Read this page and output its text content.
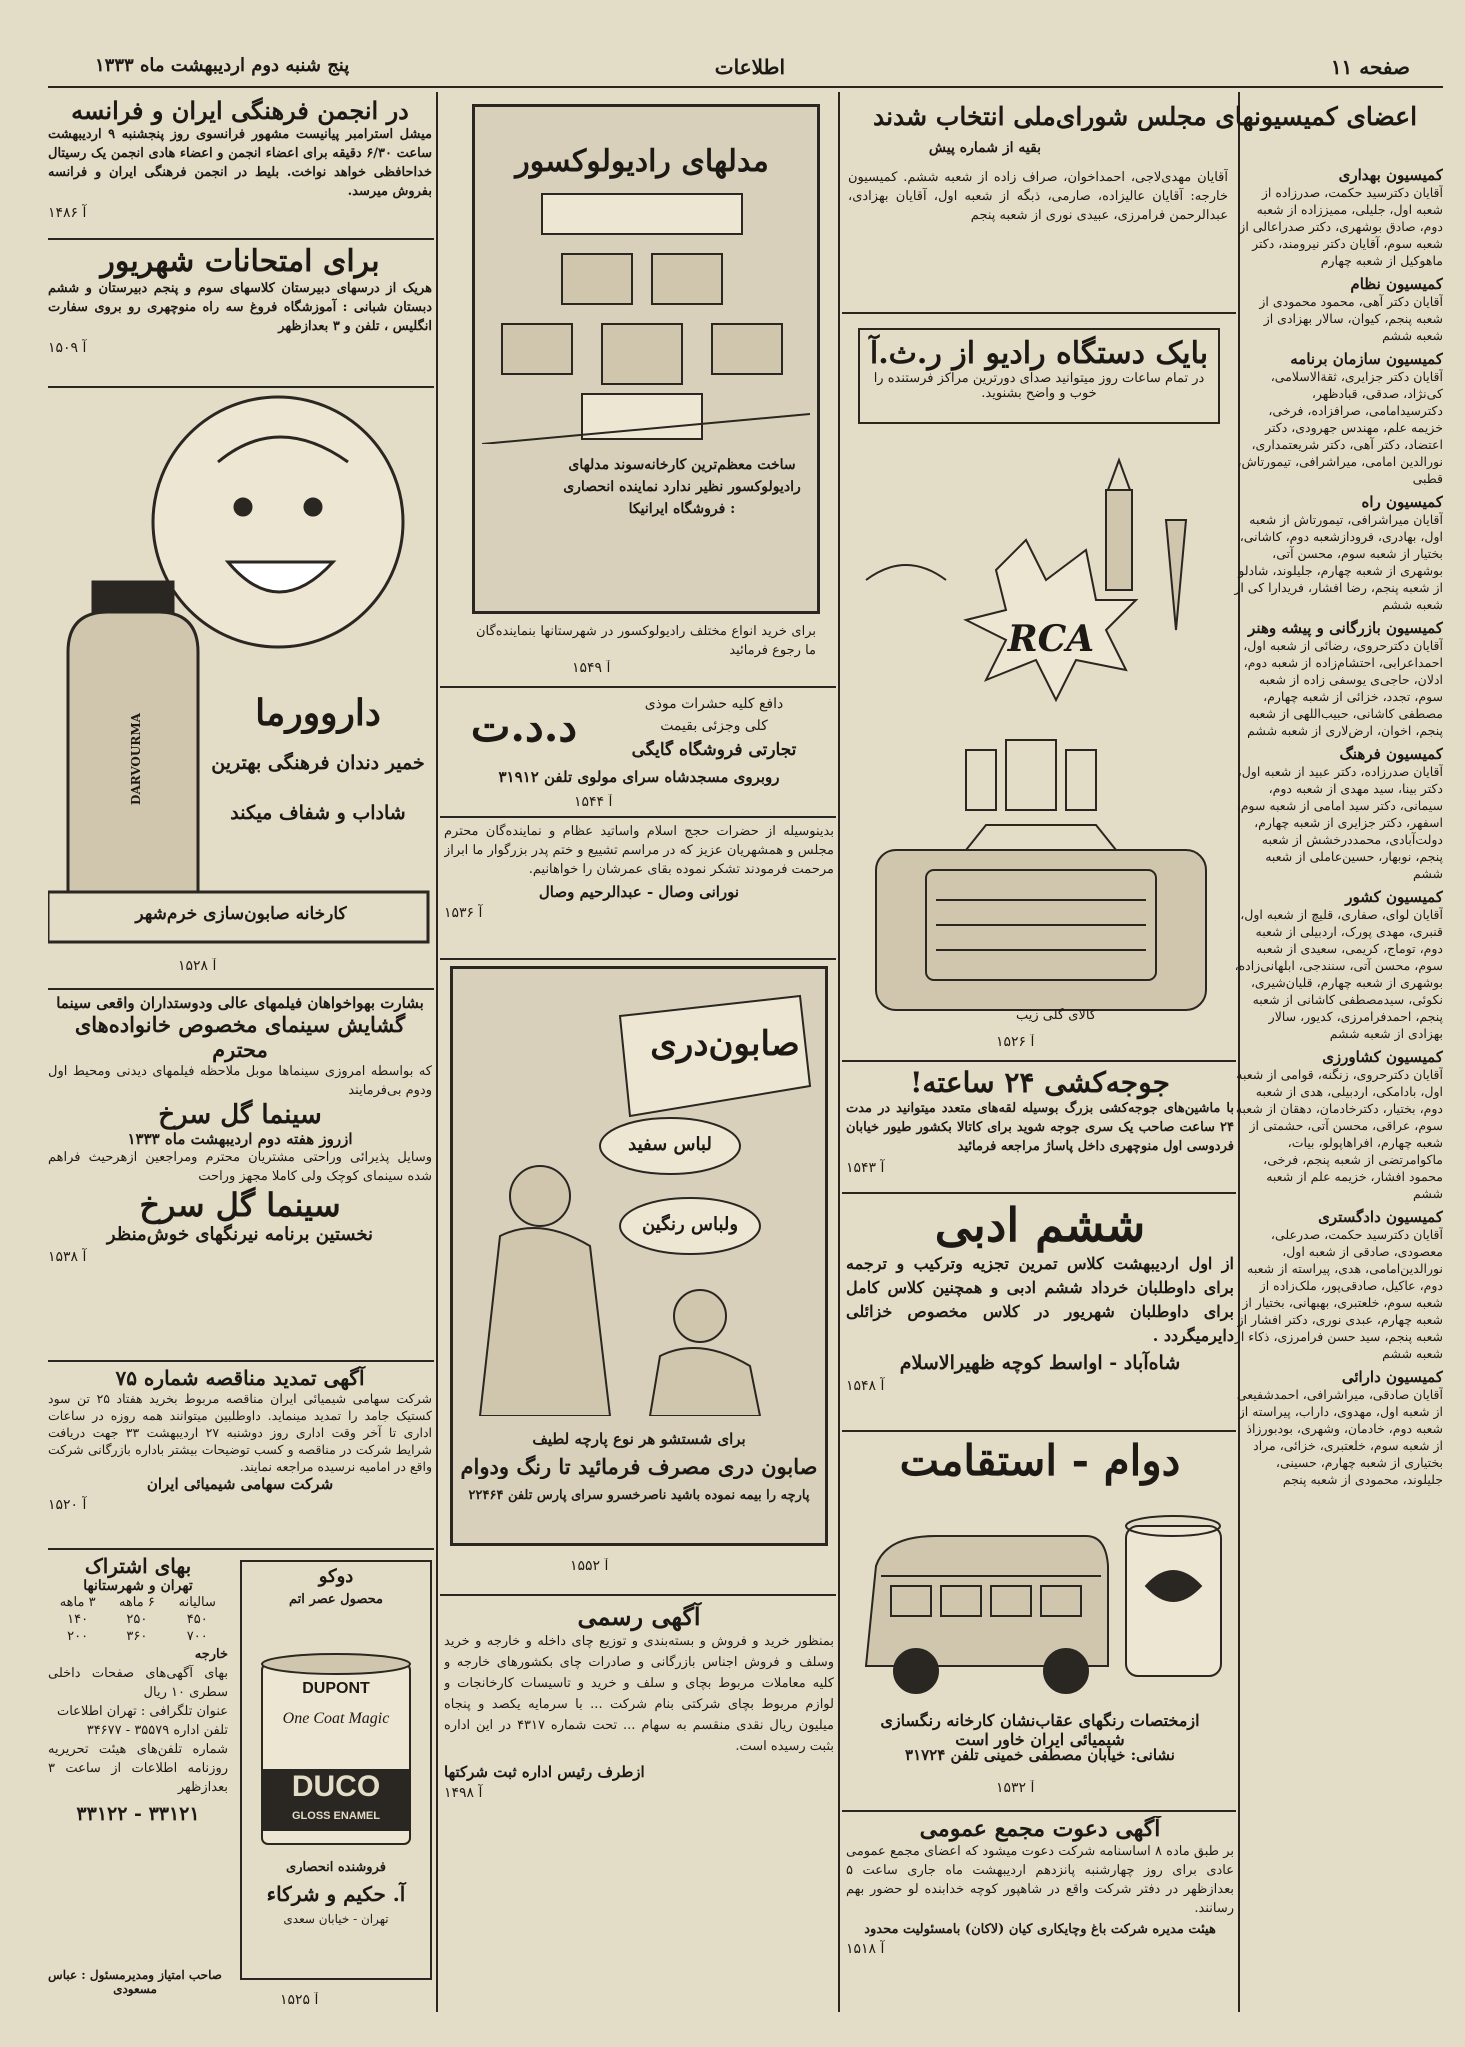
صفحه ۱۱
اطلاعات
پنج شنبه دوم اردیبهشت ماه ۱۳۳۳
اعضای کمیسیونهای مجلس شورای‌ملی انتخاب شدند
بقیه از شماره پیش
کمیسیون بهداری
آقایان دکترسید حکمت، صدرزاده از شعبه اول، جلیلی، ممیززاده از شعبه دوم، صادق بوشهری، دکتر صدراعالی از شعبه سوم، آقایان دکتر نیرومند، دکتر ماهوکیل از شعبه چهارم
کمیسیون نظام
آقایان دکتر آهی، محمود محمودی از شعبه پنجم، کیوان، سالار بهزادی از شعبه ششم
کمیسیون سازمان برنامه
آقایان دکتر جزایری، ثقةالاسلامی، کی‌نژاد، صدقی، قبادظهر، دکترسیدامامی، صرافزاده، فرخی، خزیمه علم، مهندس جهرودی، دکتر اعتضاد، دکتر آهی، دکتر شریعتمداری، نورالدین امامی، میراشرافی، تیمورتاش، قطبی
کمیسیون راه
آقایان میراشرافی، تیمورتاش از شعبه اول، بهادری، فرودازشعبه دوم، کاشانی، بختیار از شعبه سوم، محسن آتی، بوشهری از شعبه چهارم، جلیلوند، شادلو از شعبه پنجم، رضا افشار، فریدارا کی از شعبه ششم
کمیسیون بازرگانی و پیشه وهنر
آقایان دکترحروی، رضائی از شعبه اول، احمداعرابی، احتشام‌زاده از شعبه دوم، ادلان، حاجی‌ی یوسفی زاده از شعبه سوم، تجدد، خزائی از شعبه چهارم، مصطفی کاشانی، حبیب‌اللهی از شعبه پنجم، اخوان، ارض‌لاری از شعبه ششم
کمیسیون فرهنگ
آقایان صدرزاده، دکتر عبید از شعبه اول، دکتر بینا، سید مهدی از شعبه دوم، سیمانی، دکتر سید امامی از شعبه سوم، اسفهر، دکتر جزایری از شعبه چهارم، دولت‌آبادی، محمددرخشش از شعبه پنجم، نوبهار، حسین‌عاملی از شعبه ششم
کمیسیون کشور
آقایان لوای، صفاری، قلیچ از شعبه اول، قنبری، مهدی پورک، اردبیلی از شعبه دوم، توماج، کریمی، سعیدی از شعبه سوم، محسن آتی، سنندجی، ابلهانی‌زاده، بوشهری از شعبه چهارم، قلیان‌شیری، نکوئی، سیدمصطفی کاشانی از شعبه پنجم، احمدفرامرزی، کدیور، سالار بهزادی از شعبه ششم
کمیسیون کشاورزی
آقایان دکترحروی، زنگنه، قوامی از شعبه اول، بادامکی، اردبیلی، هدی از شعبه دوم، بختیار، دکترخادمان، دهقان از شعبه سوم، عراقی، محسن آتی، حشمتی از شعبه چهارم، افراهاپولو، بیات، ماکوامرتضی از شعبه پنجم، فرخی، محمود افشار، خزیمه علم از شعبه ششم
کمیسیون دادگستری
آقایان دکترسید حکمت، صدرعلی، معصودی، صادقی از شعبه اول، نورالدین‌امامی، هدی، پیراسته از شعبه دوم، عاکیل، صادقی‌پور، ملک‌زاده از شعبه سوم، خلعتبری، بهبهانی، بختیار از شعبه چهارم، عبدی نوری، دکتر افشار از شعبه پنجم، سید حسن فرامرزی، ذکاء از شعبه ششم
کمیسیون دارائی
آقایان صادقی، میراشرافی، احمدشفیعی از شعبه اول، مهدوی، داراب، پیراسته از شعبه دوم، خادمان، وشهری، بودبورزاذ از شعبه سوم، خلعتبری، خزائی، مراد بختیاری از شعبه چهارم، حسینی، جلیلوند، محمودی از شعبه پنجم
آقایان مهدی‌لاجی، احمداخوان، صراف زاده از شعبه ششم. کمیسیون خارجه: آقایان عالیزاده، صارمی، ذبگه از شعبه اول، آقایان بهزادی، عبدالرحمن فرامرزی، عبیدی نوری از شعبه پنجم
بایک دستگاه رادیو از ر.ث.آ
در تمام ساعات روز میتوانید صدای دورترین مراکز فرستنده را خوب و واضح بشنوید.
RCA
کالای گلی زیب
آ ۱۵۲۶
جوجه‌کشی ۲۴ ساعته!
با ماشین‌های جوجه‌کشی بزرگ بوسیله لقه‌های متعدد میتوانید در مدت ۲۴ ساعت صاحب یک سری جوجه شوید برای کاتالا بکشور طیور خیابان فردوسی اول منوچهری داخل پاساژ مراجعه فرمائید
آ ۱۵۴۳
ششم ادبی
از اول اردیبهشت کلاس تمرین تجزیه وترکیب و ترجمه برای داوطلبان خرداد ششم ادبی و همچنین کلاس کامل برای داوطلبان شهریور در کلاس مخصوص خزائلی دایرمیگردد .
شاه‌آباد - اواسط کوچه ظهیرالاسلام
آ ۱۵۴۸
دوام - استقامت
ازمختصات رنگهای عقاب‌نشان کارخانه رنگسازی شیمیائی ایران خاور است
نشانی: خیابان مصطفی خمینی تلفن ۳۱۷۲۴
آ ۱۵۳۲
آگهی دعوت مجمع عمومی
بر طبق ماده ۸ اساسنامه شرکت دعوت میشود که اعضای مجمع عمومی عادی برای روز چهارشنبه پانزدهم اردیبهشت ماه جاری ساعت ۵ بعدازظهر در دفتر شرکت واقع در شاهپور کوچه خدابنده لو حضور بهم رسانند.
هیئت مدیره شرکت باغ وچایکاری کیان (لاکان) بامسئولیت محدود
آ ۱۵۱۸
مدلهای رادیولوکسور
ساخت معظم‌ترین کارخانه‌سوند مدلهای رادیولوکسور نظیر ندارد نماینده انحصاری : فروشگاه ایرانیکا
برای خرید انواع مختلف رادیولوکسور در شهرستانها بنماینده‌گان ما رجوع فرمائید
آ ۱۵۴۹
د.د.ت	دافع کلیه حشرات موذی
کلی وجزئی بقیمت
تجارتی فروشگاه گایگی
روبروی مسجدشاه سرای مولوی تلفن ۳۱۹۱۲
آ ۱۵۴۴
بدینوسیله از حضرات حجج اسلام واساتید عظام و نماینده‌گان محترم مجلس و همشهریان عزیز که در مراسم تشییع و ختم پدر بزرگوار ما ابراز مرحمت فرمودند تشکر نموده بقای عمرشان را خواهانیم.
نورانی وصال - عبدالرحیم وصال
آ ۱۵۳۶
صابون‌دری
لباس سفید
ولباس رنگین
برای شستشو هر نوع پارچه لطیف
صابون دری مصرف فرمائید تا رنگ ودوام
پارچه را بیمه نموده باشید ناصرخسرو سرای پارس تلفن ۲۲۴۶۴
آ ۱۵۵۲
آگهی رسمی
بمنظور خرید و فروش و بسته‌بندی و توزیع چای داخله و خارجه و خرید وسلف و فروش اجناس بازرگانی و صادرات چای بکشورهای خارجه و کلیه معاملات مربوط بچای و سلف و خرید و تاسیسات کارخانجات و لوازم مربوط بچای شرکتی بنام شرکت ... با سرمایه یکصد و پنجاه میلیون ریال نقدی منقسم به سهام ... تحت شماره ۴۳۱۷ در این اداره بثبت رسیده است.
ازطرف رئیس اداره ثبت شرکتها
آ ۱۴۹۸
در انجمن فرهنگی ایران و فرانسه
میشل استرامبر پیانیست مشهور فرانسوی روز پنجشنبه ۹ اردیبهشت ساعت ۶/۳۰ دقیقه برای اعضاء انجمن و اعضاء هادی انجمن یک رسیتال خداحافظی خواهد نواخت. بلیط در انجمن فرهنگی ایران و فرانسه بفروش میرسد.
آ ۱۴۸۶
برای امتحانات شهریور
هریک از درسهای دبیرستان کلاسهای سوم و پنجم دبیرستان و ششم دبستان شبانی : آموزشگاه فروغ سه راه منوچهری رو بروی سفارت انگلیس ، تلفن و ۳ بعدازظهر
آ ۱۵۰۹
DARVOURMA
داروورما
خمیر دندان فرهنگی بهترین
شاداب و شفاف میکند
کارخانه صابون‌سازی خرم‌شهر
آ ۱۵۲۸
بشارت بهواخواهان فیلمهای عالی ودوستداران واقعی سینما
گشایش سینمای مخصوص خانواده‌های محترم
که بواسطه امروزی سینماها موبل ملاحظه فیلمهای دیدنی ومحیط اول ودوم بی‌فرمایند
سینما گل سرخ
ازروز هفته دوم اردیبهشت ماه ۱۳۳۳
وسایل پذیرائی وراحتی مشتریان محترم ومراجعین ازهرحیث فراهم شده سینمای کوچک ولی کاملا مجهز وراحت
سینما گل سرخ
نخستین برنامه نیرنگهای خوش‌منظر
آ ۱۵۳۸
آگهی تمدید مناقصه شماره ۷۵
شرکت سهامی شیمیائی ایران مناقصه مربوط بخرید هفتاد ۲۵ تن سود کستیک جامد را تمدید مینماید. داوطلبین میتوانند همه روزه در ساعات اداری تا آخر وقت اداری روز دوشنبه ۲۷ اردیبهشت ۳۳ جهت دریافت شرایط شرکت در مناقصه و کسب توضیحات بیشتر باداره بازرگانی شرکت واقع در امامیه نرسیده مراجعه نمایند.
شرکت سهامی شیمیائی ایران
آ ۱۵۲۰
بهای اشتراک
تهران و شهرستانها
سالیانه	۶ ماهه	۳ ماهه
۴۵۰	۲۵۰	۱۴۰
۷۰۰	۳۶۰	۲۰۰
خارجه
بهای آگهی‌های صفحات داخلی سطری ۱۰ ریال
عنوان تلگرافی : تهران اطلاعات
تلفن اداره ۳۵۵۷۹ - ۳۴۶۷۷
شماره تلفن‌های هیئت تحریریه روزنامه اطلاعات از ساعت ۳ بعدازظهر
۳۳۱۲۱ - ۳۳۱۲۲
صاحب امتیاز ومدیرمسئول : عباس مسعودی
دوکو
محصول عصر اتم
DUPONT
One Coat Magic
DUCO
GLOSS ENAMEL
فروشنده انحصاری
آ. حکیم و شرکاء
تهران - خیابان سعدی
آ ۱۵۲۵
